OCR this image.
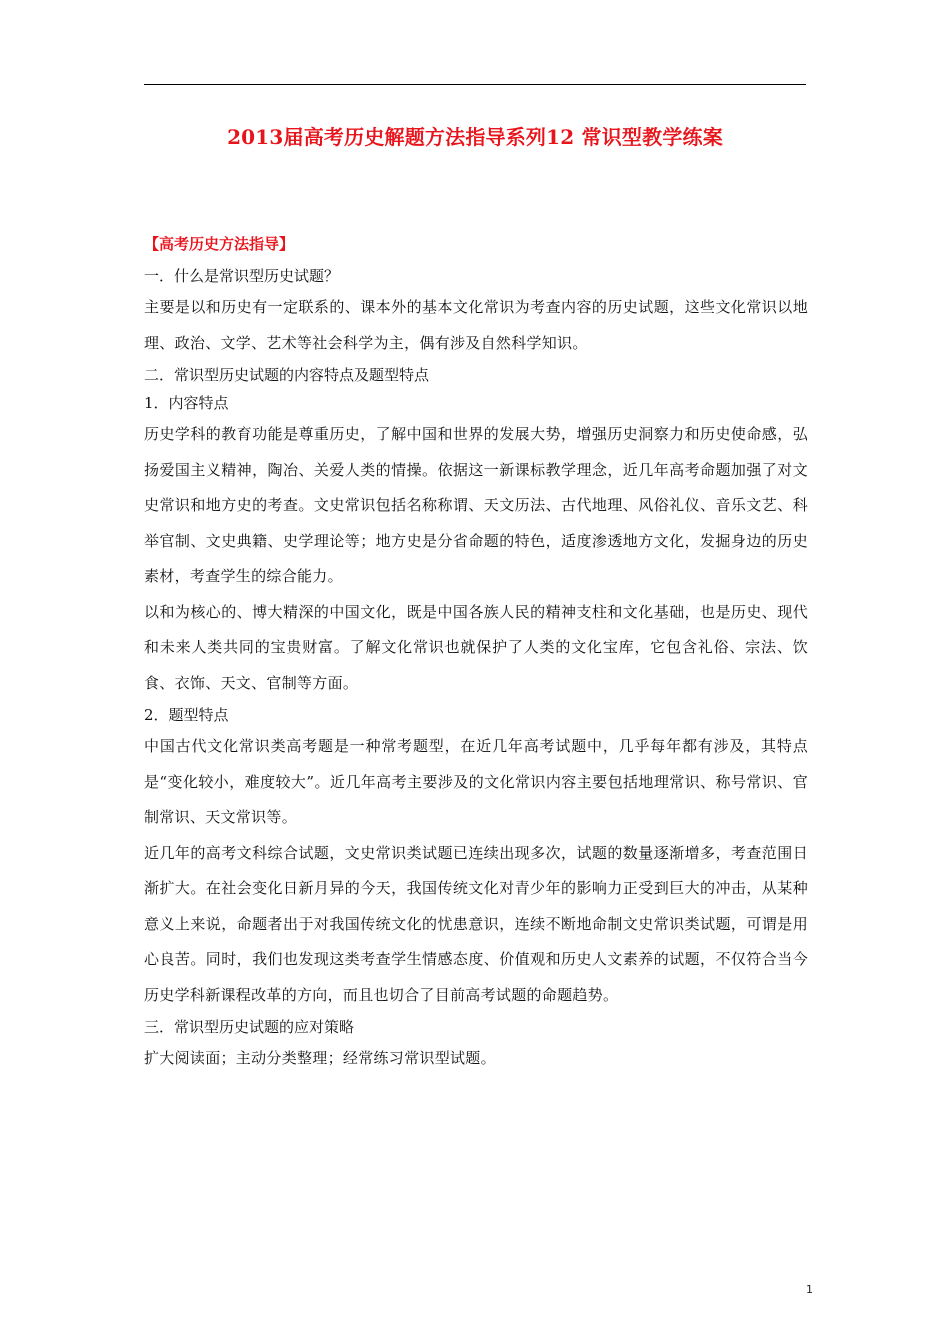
2013届高考历史解题方法指导系列12 常识型教学练案
【高考历史方法指导】
一．什么是常识型历史试题？
主要是以和历史有一定联系的、课本外的基本文化常识为考查内容的历史试题，这些文化常识以地理、政治、文学、艺术等社会科学为主，偶有涉及自然科学知识。
二．常识型历史试题的内容特点及题型特点
1．内容特点
历史学科的教育功能是尊重历史，了解中国和世界的发展大势，增强历史洞察力和历史使命感，弘扬爱国主义精神，陶冶、关爱人类的情操。依据这一新课标教学理念，近几年高考命题加强了对文史常识和地方史的考查。文史常识包括名称称谓、天文历法、古代地理、风俗礼仪、音乐文艺、科举官制、文史典籍、史学理论等；地方史是分省命题的特色，适度渗透地方文化，发掘身边的历史素材，考查学生的综合能力。
以和为核心的、博大精深的中国文化，既是中国各族人民的精神支柱和文化基础，也是历史、现代和未来人类共同的宝贵财富。了解文化常识也就保护了人类的文化宝库，它包含礼俗、宗法、饮食、衣饰、天文、官制等方面。
2．题型特点
中国古代文化常识类高考题是一种常考题型，在近几年高考试题中，几乎每年都有涉及，其特点是“变化较小，难度较大”。近几年高考主要涉及的文化常识内容主要包括地理常识、称号常识、官制常识、天文常识等。
近几年的高考文科综合试题，文史常识类试题已连续出现多次，试题的数量逐渐增多，考查范围日渐扩大。在社会变化日新月异的今天，我国传统文化对青少年的影响力正受到巨大的冲击，从某种意义上来说，命题者出于对我国传统文化的忧患意识，连续不断地命制文史常识类试题，可谓是用心良苦。同时，我们也发现这类考查学生情感态度、价值观和历史人文素养的试题，不仅符合当今历史学科新课程改革的方向，而且也切合了目前高考试题的命题趋势。
三．常识型历史试题的应对策略
扩大阅读面；主动分类整理；经常练习常识型试题。
1
